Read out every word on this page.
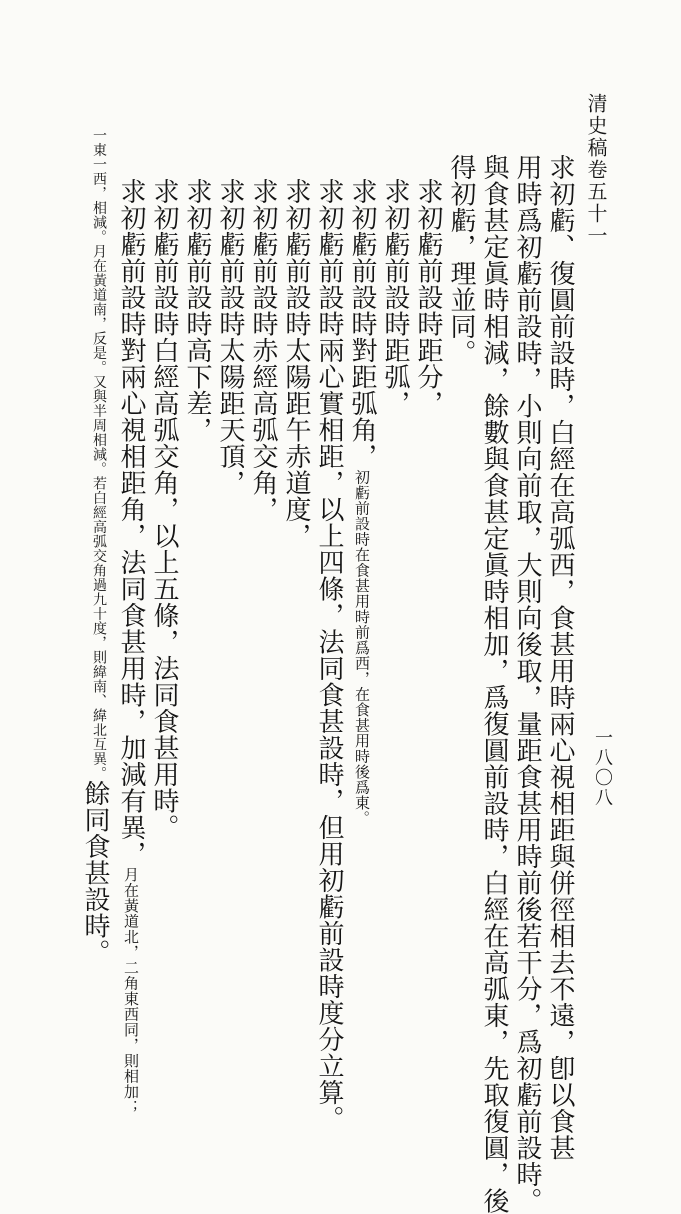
清史稿卷五十一
一八〇八

求初虧、復圓前設時，白經在高弧西，食甚用時兩心視相距與併徑相去不遠，卽以食甚

用時爲初虧前設時，小則向前取，大則向後取，量距食甚用時前後若干分，爲初虧前設時。

與食甚定眞時相減，餘數與食甚定眞時相加，爲復圓前設時，白經在高弧東，先取復圓，後

得初虧，理並同。

求初虧前設時距分，

求初虧前設時距弧，

求初虧前設時對距弧角，初虧前設時在食甚用時前爲西，在食甚用時後爲東。

求初虧前設時兩心實相距，以上四條，法同食甚設時，但用初虧前設時度分立算。

求初虧前設時太陽距午赤道度，

求初虧前設時赤經高弧交角，

求初虧前設時太陽距天頂，

求初虧前設時高下差，

求初虧前設時白經高弧交角，以上五條，法同食甚用時。

求初虧前設時對兩心視相距角，法同食甚用時，加減有異，月在黃道北，二角東西同，則相加；

一東一西，相減。月在黃道南，反是。又與半周相減。若白經高弧交角過九十度，則緯南、緯北互異。

餘同食甚設時。
